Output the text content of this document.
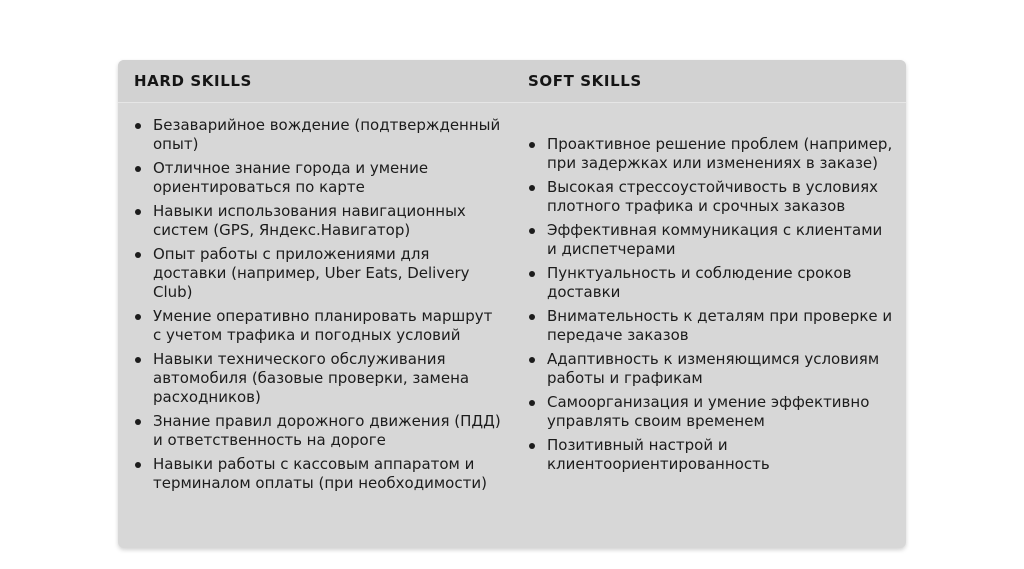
HARD SKILLS	SOFT SKILLS
Безаварийное вождение (подтвержденный опыт)
Отличное знание города и умение ориентироваться по карте
Навыки использования навигационных систем (GPS, Яндекс.Навигатор)
Опыт работы с приложениями для доставки (например, Uber Eats, Delivery Club)
Умение оперативно планировать маршрут с учетом трафика и погодных условий
Навыки технического обслуживания автомобиля (базовые проверки, замена расходников)
Знание правил дорожного движения (ПДД) и ответственность на дороге
Навыки работы с кассовым аппаратом и терминалом оплаты (при необходимости)
Проактивное решение проблем (например, при задержках или изменениях в заказе)
Высокая стрессоустойчивость в условиях плотного трафика и срочных заказов
Эффективная коммуникация с клиентами и диспетчерами
Пунктуальность и соблюдение сроков доставки
Внимательность к деталям при проверке и передаче заказов
Адаптивность к изменяющимся условиям работы и графикам
Самоорганизация и умение эффективно управлять своим временем
Позитивный настрой и клиентоориентированность
